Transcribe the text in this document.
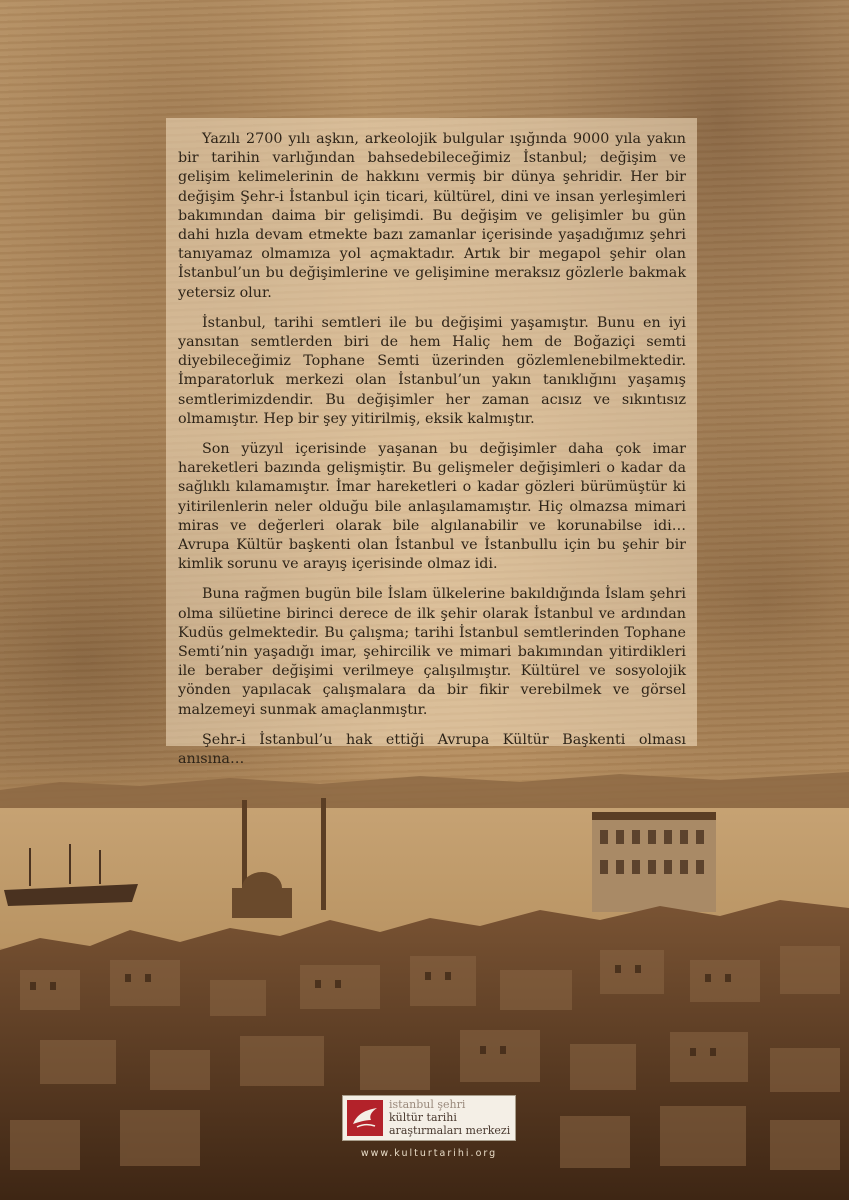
Yazılı 2700 yılı aşkın, arkeolojik bulgular ışığında 9000 yıla yakın bir tarihin varlığından bahsedebileceğimiz İstanbul; değişim ve gelişim kelimelerinin de hakkını vermiş bir dünya şehridir. Her bir değişim Şehr-i İstanbul için ticari, kültürel, dini ve insan yerleşimleri bakımından daima bir gelişimdi. Bu değişim ve gelişimler bu gün dahi hızla devam etmekte bazı zamanlar içerisinde yaşadığımız şehri tanıyamaz olmamıza yol açmaktadır. Artık bir megapol şehir olan İstanbul’un bu değişimlerine ve gelişimine meraksız gözlerle bakmak yetersiz olur.

İstanbul, tarihi semtleri ile bu değişimi yaşamıştır. Bunu en iyi yansıtan semtlerden biri de hem Haliç hem de Boğaziçi semti diyebileceğimiz Tophane Semti üzerinden gözlemlenebilmektedir. İmparatorluk merkezi olan İstanbul’un yakın tanıklığını yaşamış semtlerimizdendir. Bu değişimler her zaman acısız ve sıkıntısız olmamıştır. Hep bir şey yitirilmiş, eksik kalmıştır.

Son yüzyıl içerisinde yaşanan bu değişimler daha çok imar hareketleri bazında gelişmiştir. Bu gelişmeler değişimleri o kadar da sağlıklı kılamamıştır. İmar hareketleri o kadar gözleri bürümüştür ki yitirilenlerin neler olduğu bile anlaşılamamıştır. Hiç olmazsa mimari miras ve değerleri olarak bile algılanabilir ve korunabilse idi… Avrupa Kültür başkenti olan İstanbul ve İstanbullu için bu şehir bir kimlik sorunu ve arayış içerisinde olmaz idi.

Buna rağmen bugün bile İslam ülkelerine bakıldığında İslam şehri olma silüetine birinci derece de ilk şehir olarak İstanbul ve ardından Kudüs gelmektedir. Bu çalışma; tarihi İstanbul semtlerinden Tophane Semti’nin yaşadığı imar, şehircilik ve mimari bakımından yitirdikleri ile beraber değişimi verilmeye çalışılmıştır. Kültürel ve sosyolojik yönden yapılacak çalışmalara da bir fikir verebilmek ve görsel malzemeyi sunmak amaçlanmıştır.

Şehr-i İstanbul’u hak ettiği Avrupa Kültür Başkenti olması anısına…

istanbul şehri
kültür tarihi
araştırmaları merkezi
www.kulturtarihi.org
